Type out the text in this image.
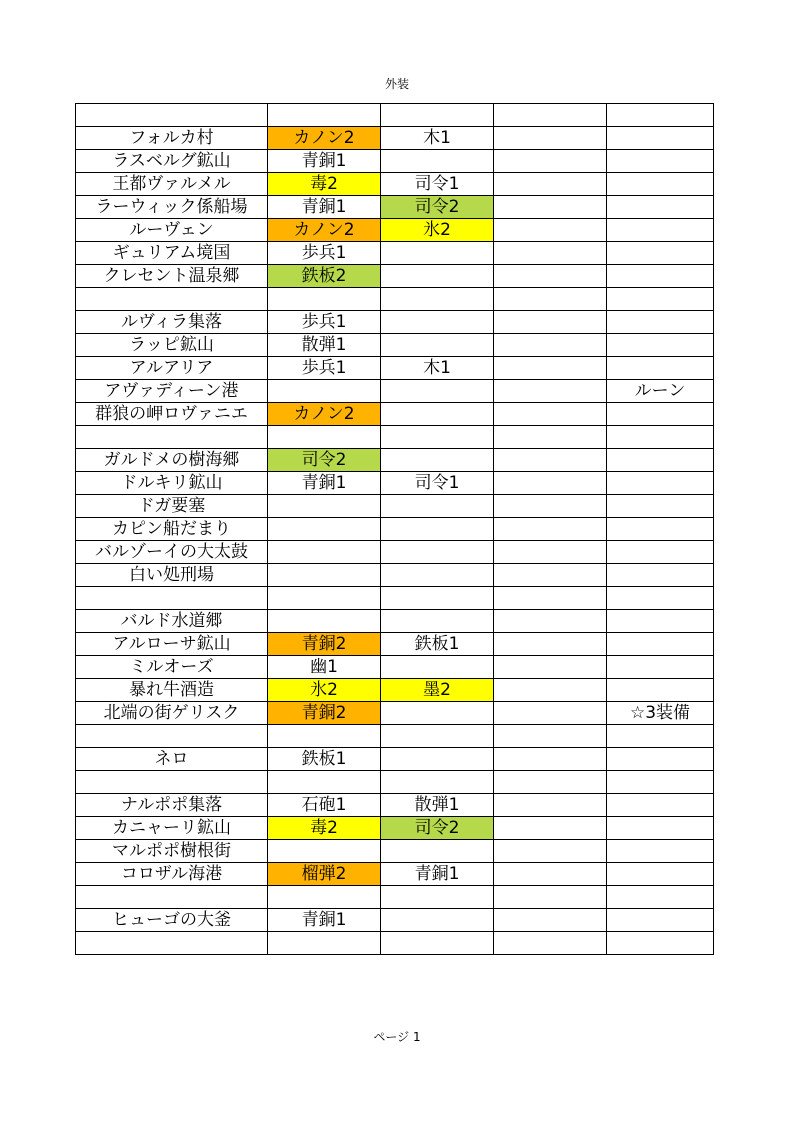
外装

フォルカ村	カノン2	木1		
ラスベルグ鉱山	青銅1			
王都ヴァルメル	毒2	司令1		
ラーウィック係船場	青銅1	司令2		
ルーヴェン	カノン2	氷2		
ギュリアム境国	歩兵1			
クレセント温泉郷	鉄板2			

ルヴィラ集落	歩兵1			
ラッピ鉱山	散弾1			
アルアリア	歩兵1	木1		
アヴァディーン港				ルーン
群狼の岬ロヴァニエ	カノン2			

ガルドメの樹海郷	司令2			
ドルキリ鉱山	青銅1	司令1		
ドガ要塞				
カピン船だまり				
バルゾーイの大太鼓				
白い処刑場				

バルド水道郷				
アルローサ鉱山	青銅2	鉄板1		
ミルオーズ	幽1			
暴れ牛酒造	氷2	墨2		
北端の街ゲリスク	青銅2			☆3装備

ネロ	鉄板1			

ナルポポ集落	石砲1	散弾1		
カニャーリ鉱山	毒2	司令2		
マルポポ樹根街				
コロザル海港	榴弾2	青銅1		

ヒューゴの大釜	青銅1			

ページ 1
